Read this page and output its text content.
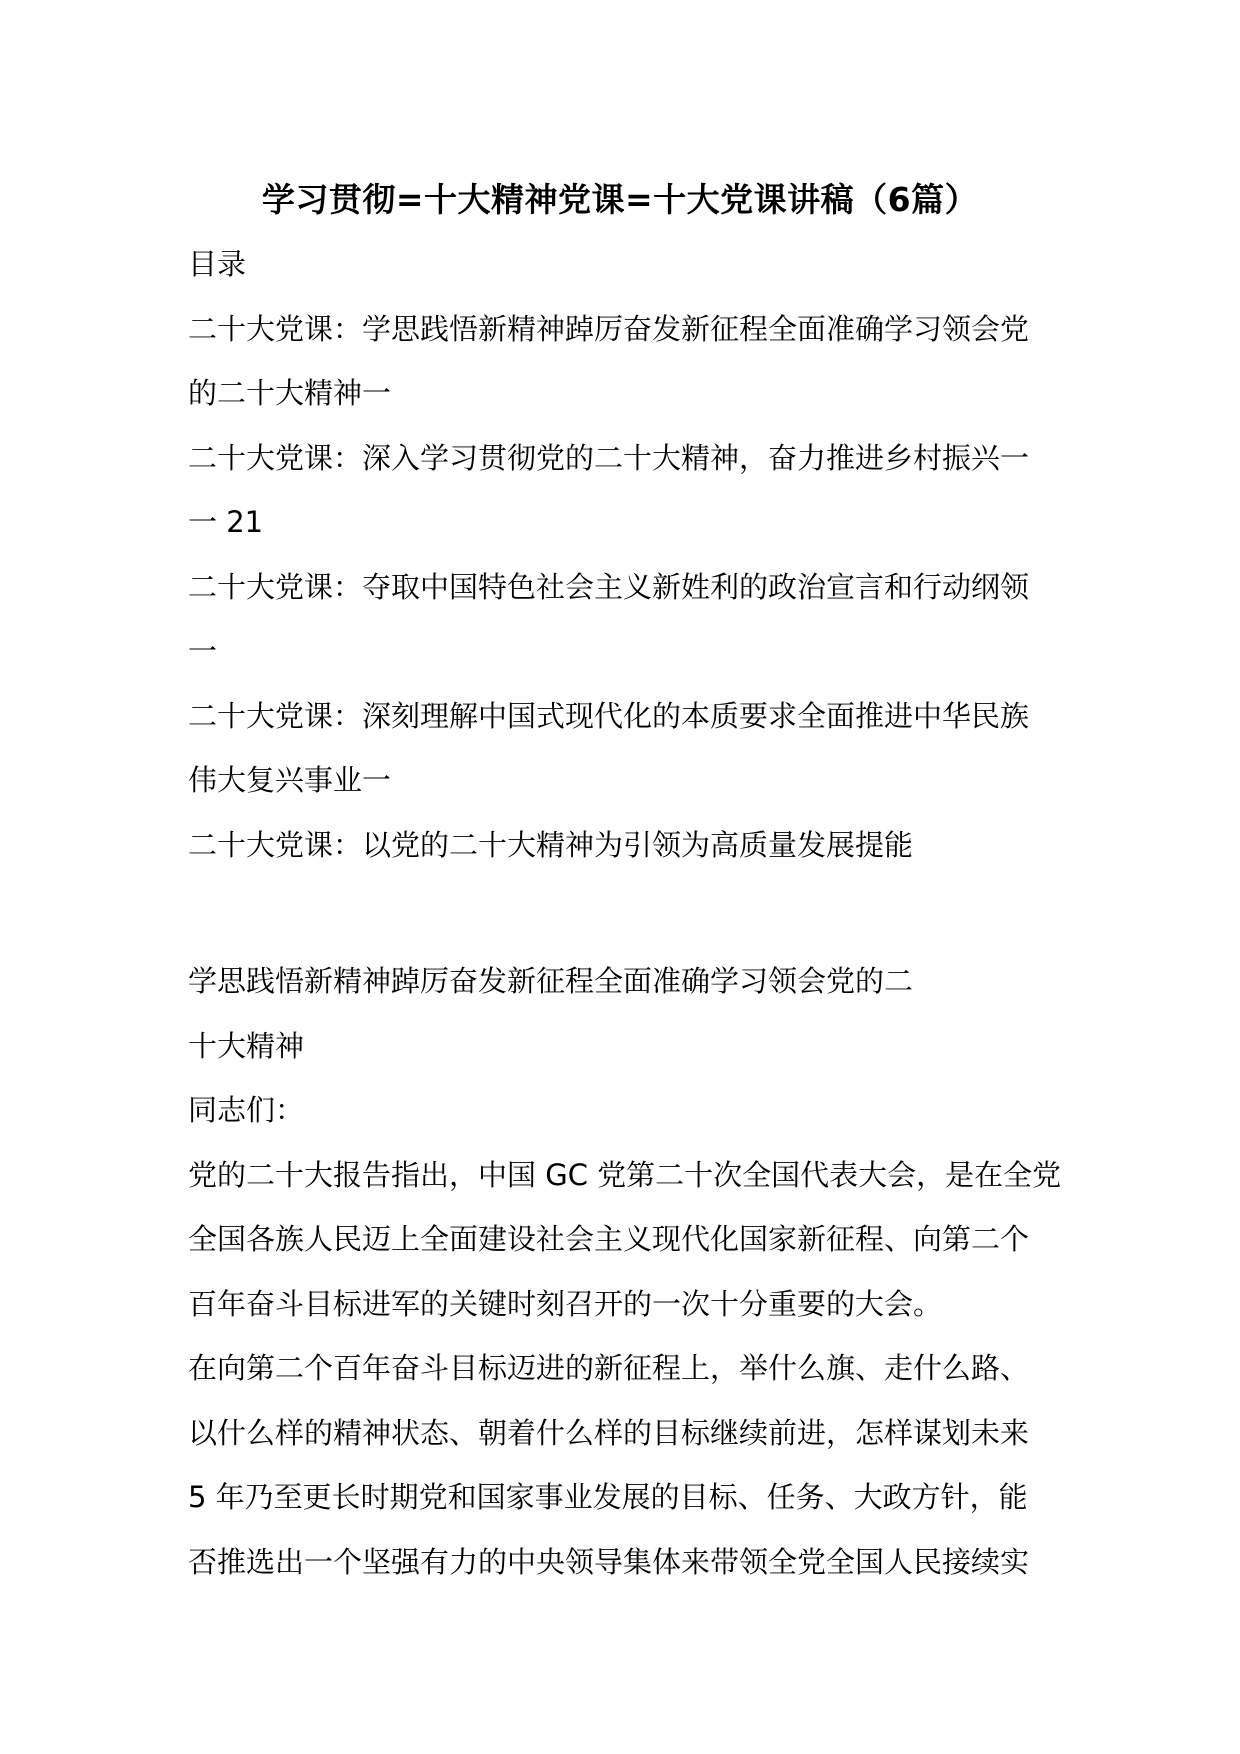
学习贯彻=十大精神党课=十大党课讲稿（6篇）
目录
二十大党课：学思践悟新精神踔厉奋发新征程全面准确学习领会党
的二十大精神一
二十大党课：深入学习贯彻党的二十大精神，奋力推进乡村振兴一
一 21
二十大党课：夺取中国特色社会主义新姓利的政治宣言和行动纲领
一
二十大党课：深刻理解中国式现代化的本质要求全面推进中华民族
伟大复兴事业一
二十大党课：以党的二十大精神为引领为高质量发展提能
学思践悟新精神踔厉奋发新征程全面准确学习领会党的二
十大精神
同志们：
党的二十大报告指出，中国 GC 党第二十次全国代表大会，是在全党
全国各族人民迈上全面建设社会主义现代化国家新征程、向第二个
百年奋斗目标进军的关键时刻召开的一次十分重要的大会。
在向第二个百年奋斗目标迈进的新征程上，举什么旗、走什么路、
以什么样的精神状态、朝着什么样的目标继续前进，怎样谋划未来
5 年乃至更长时期党和国家事业发展的目标、任务、大政方针，能
否推选出一个坚强有力的中央领导集体来带领全党全国人民接续实
